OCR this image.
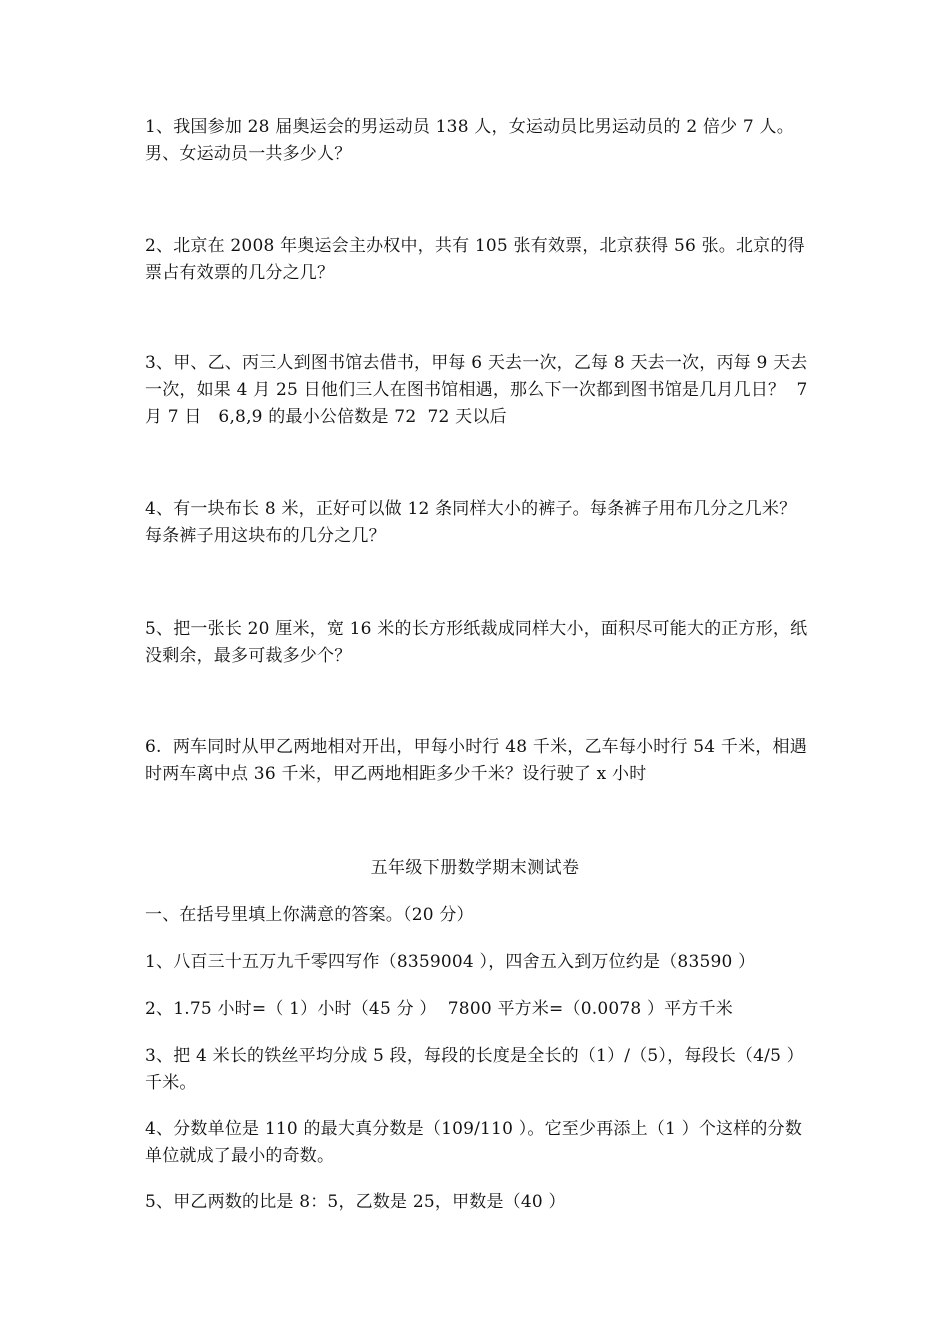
1、我国参加 28 届奥运会的男运动员 138 人，女运动员比男运动员的 2 倍少 7 人。男、女运动员一共多少人？

2、北京在 2008 年奥运会主办权中，共有 105 张有效票，北京获得 56 张。北京的得票占有效票的几分之几？

3、甲、乙、丙三人到图书馆去借书，甲每 6 天去一次，乙每 8 天去一次，丙每 9 天去一次，如果 4 月 25 日他们三人在图书馆相遇，那么下一次都到图书馆是几月几日？  7 月 7 日   6,8,9 的最小公倍数是 72  72 天以后

4、有一块布长 8 米，正好可以做 12 条同样大小的裤子。每条裤子用布几分之几米？每条裤子用这块布的几分之几？

5、把一张长 20 厘米，宽 16 米的长方形纸裁成同样大小，面积尽可能大的正方形，纸没剩余，最多可裁多少个？

6.  两车同时从甲乙两地相对开出，甲每小时行 48 千米，乙车每小时行 54 千米，相遇时两车离中点 36 千米，甲乙两地相距多少千米？设行驶了 x 小时

五年级下册数学期末测试卷

一、在括号里填上你满意的答案。（20 分）

1、八百三十五万九千零四写作（8359004 ），四舍五入到万位约是（83590 ）

2、1.75 小时=（ 1）小时（45 分 ）  7800 平方米=（0.0078 ）平方千米

3、把 4 米长的铁丝平均分成 5 段，每段的长度是全长的（1）/（5），每段长（4/5 ）千米。

4、分数单位是 110 的最大真分数是（109/110 ）。它至少再添上（1 ）个这样的分数单位就成了最小的奇数。

5、甲乙两数的比是 8：5，乙数是 25，甲数是（40 ）
